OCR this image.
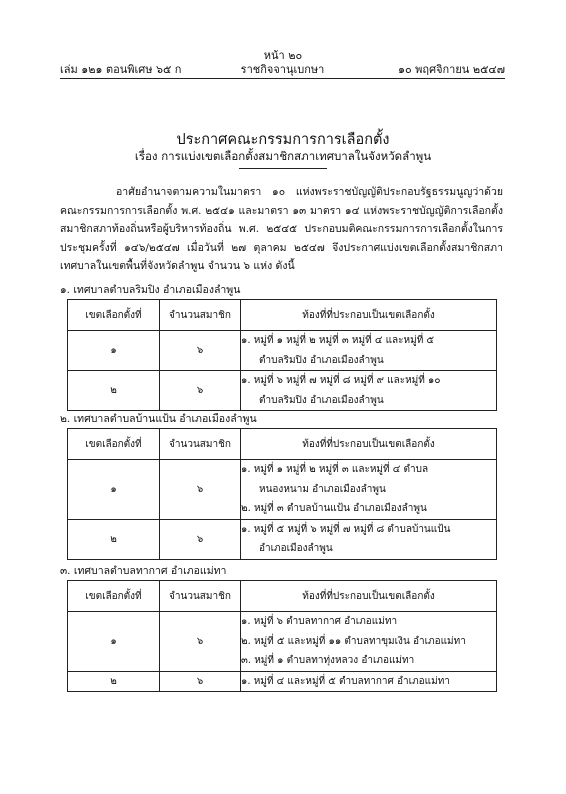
หน้า ๒๐
เล่ม ๑๒๑ ตอนพิเศษ ๖๕ ก	ราชกิจจานุเบกษา	๑๐ พฤศจิกายน ๒๕๔๗
ประกาศคณะกรรมการการเลือกตั้ง
เรื่อง การแบ่งเขตเลือกตั้งสมาชิกสภาเทศบาลในจังหวัดลำพูน
อาศัยอำนาจตามความในมาตรา ๑๐ แห่งพระราชบัญญัติประกอบรัฐธรรมนูญว่าด้วยคณะกรรมการการเลือกตั้ง พ.ศ. ๒๕๔๑ และมาตรา ๑๓ มาตรา ๑๔ แห่งพระราชบัญญัติการเลือกตั้งสมาชิกสภาท้องถิ่นหรือผู้บริหารท้องถิ่น พ.ศ. ๒๕๔๕ ประกอบมติคณะกรรมการการเลือกตั้งในการประชุมครั้งที่ ๑๔๖/๒๕๔๗ เมื่อวันที่ ๒๗ ตุลาคม ๒๕๔๗ จึงประกาศแบ่งเขตเลือกตั้งสมาชิกสภาเทศบาลในเขตพื้นที่จังหวัดลำพูน จำนวน ๖ แห่ง ดังนี้
๑. เทศบาลตำบลริมปิง อำเภอเมืองลำพูน
เขตเลือกตั้งที่	จำนวนสมาชิก	ท้องที่ที่ประกอบเป็นเขตเลือกตั้ง
๑	๖	๑. หมู่ที่ ๑ หมู่ที่ ๒ หมู่ที่ ๓ หมู่ที่ ๔ และหมู่ที่ ๕
ตำบลริมปิง อำเภอเมืองลำพูน

๒	๖	๑. หมู่ที่ ๖ หมู่ที่ ๗ หมู่ที่ ๘ หมู่ที่ ๙ และหมู่ที่ ๑๐
ตำบลริมปิง อำเภอเมืองลำพูน
๒. เทศบาลตำบลบ้านแป้น อำเภอเมืองลำพูน
เขตเลือกตั้งที่	จำนวนสมาชิก	ท้องที่ที่ประกอบเป็นเขตเลือกตั้ง
๑	๖	๑. หมู่ที่ ๑ หมู่ที่ ๒ หมู่ที่ ๓ และหมู่ที่ ๔ ตำบล
หนองหนาม อำเภอเมืองลำพูน
๒. หมู่ที่ ๓ ตำบลบ้านแป้น อำเภอเมืองลำพูน

๒	๖	๑. หมู่ที่ ๕ หมู่ที่ ๖ หมู่ที่ ๗ หมู่ที่ ๘ ตำบลบ้านแป้น
อำเภอเมืองลำพูน
๓. เทศบาลตำบลทากาศ อำเภอแม่ทา
เขตเลือกตั้งที่	จำนวนสมาชิก	ท้องที่ที่ประกอบเป็นเขตเลือกตั้ง
๑	๖	๑. หมู่ที่ ๖ ตำบลทากาศ อำเภอแม่ทา
๒. หมู่ที่ ๕ และหมู่ที่ ๑๑ ตำบลทาขุมเงิน อำเภอแม่ทา
๓. หมู่ที่ ๑ ตำบลทาทุ่งหลวง อำเภอแม่ทา

๒	๖	๑. หมู่ที่ ๔ และหมู่ที่ ๕ ตำบลทากาศ อำเภอแม่ทา
